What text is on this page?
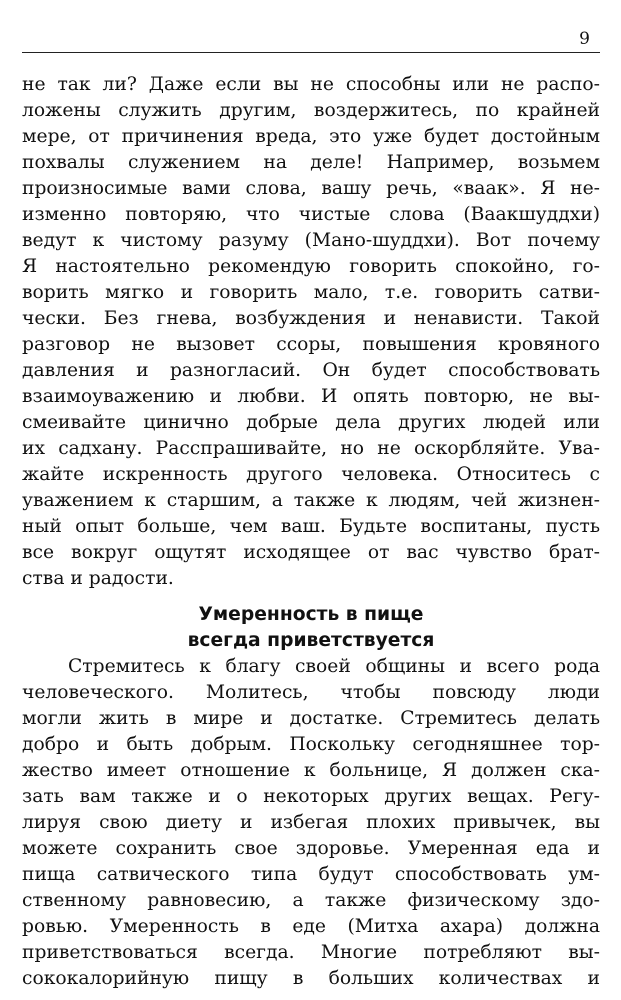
9
не так ли? Даже если вы не способны или не распо-
ложены служить другим, воздержитесь, по крайней
мере, от причинения вреда, это уже будет достойным
похвалы служением на деле! Например, возьмем
произносимые вами слова, вашу речь, «ваак». Я не-
изменно повторяю, что чистые слова (Ваакшуддхи)
ведут к чистому разуму (Мано-шуддхи). Вот почему
Я настоятельно рекомендую говорить спокойно, го-
ворить мягко и говорить мало, т.е. говорить сатви-
чески. Без гнева, возбуждения и ненависти. Такой
разговор не вызовет ссоры, повышения кровяного
давления и разногласий. Он будет способствовать
взаимоуважению и любви. И опять повторю, не вы-
смеивайте цинично добрые дела других людей или
их садхану. Расспрашивайте, но не оскорбляйте. Ува-
жайте искренность другого человека. Относитесь с
уважением к старшим, а также к людям, чей жизнен-
ный опыт больше, чем ваш. Будьте воспитаны, пусть
все вокруг ощутят исходящее от вас чувство брат-
ства и радости.
Умеренность в пище
всегда приветствуется
Стремитесь к благу своей общины и всего рода
человеческого. Молитесь, чтобы повсюду люди
могли жить в мире и достатке. Стремитесь делать
добро и быть добрым. Поскольку сегодняшнее тор-
жество имеет отношение к больнице, Я должен ска-
зать вам также и о некоторых других вещах. Регу-
лируя свою диету и избегая плохих привычек, вы
можете сохранить свое здоровье. Умеренная еда и
пища сатвического типа будут способствовать ум-
ственному равновесию, а также физическому здо-
ровью. Умеренность в еде (Митха ахара) должна
приветствоваться всегда. Многие потребляют вы-
сококалорийную пищу в больших количествах и
